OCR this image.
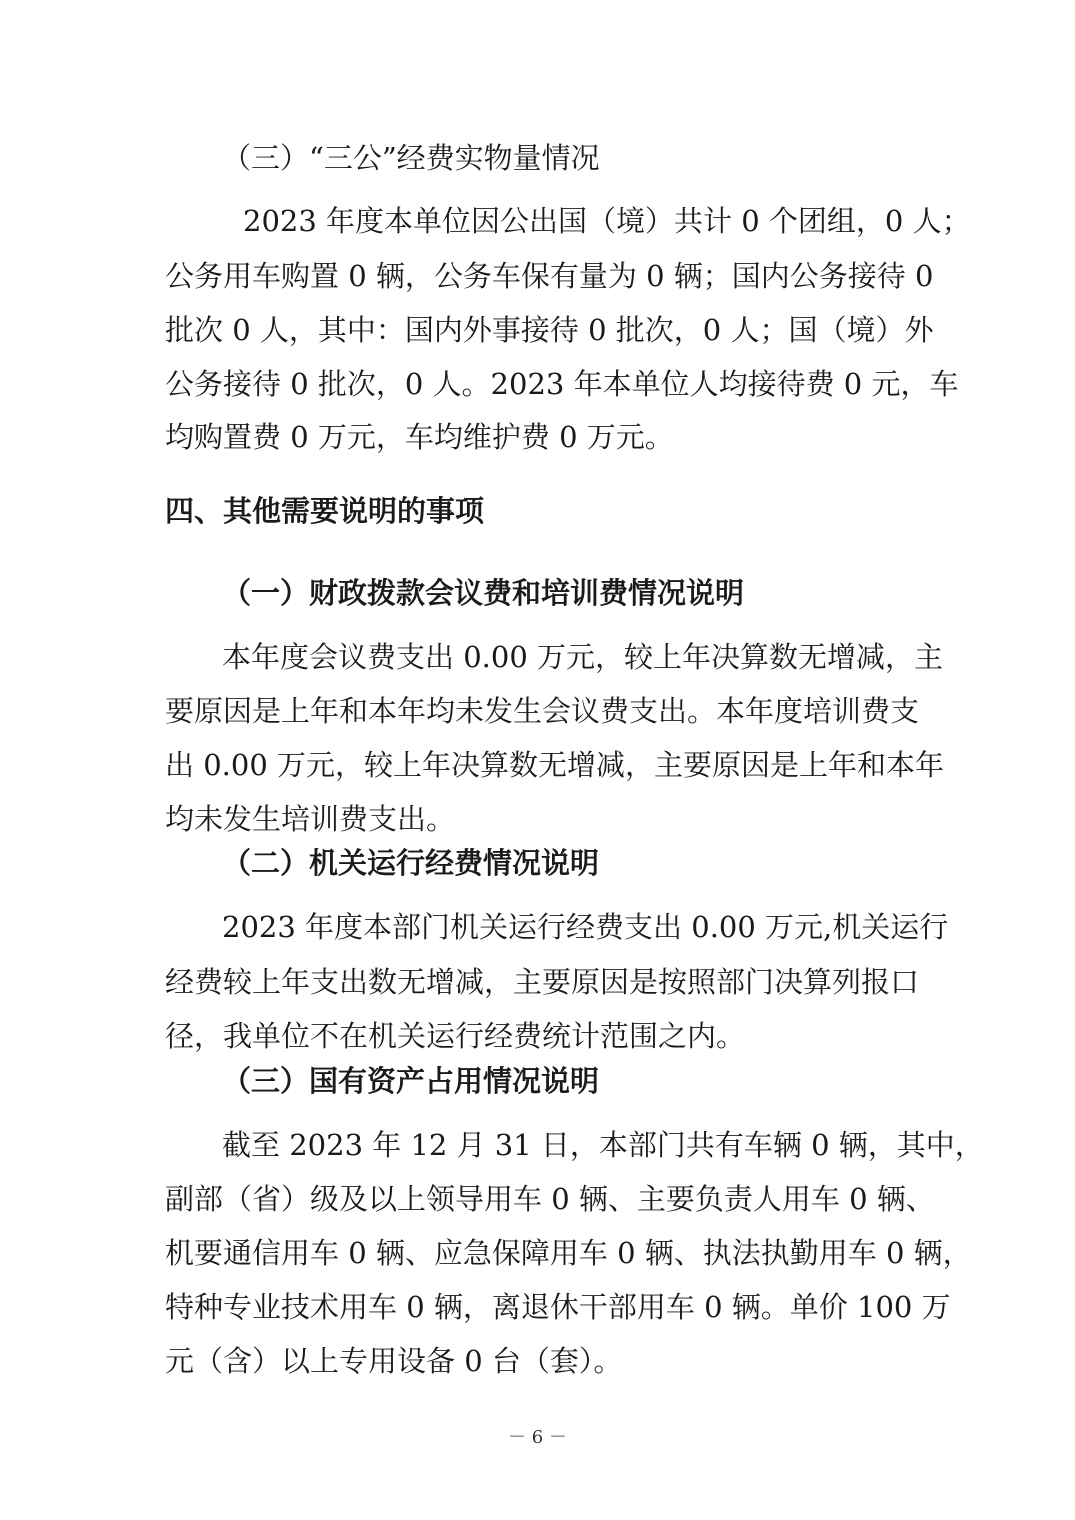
（三）“三公”经费实物量情况
2023 年度本单位因公出国（境）共计 0 个团组，0 人；
公务用车购置 0 辆，公务车保有量为 0 辆；国内公务接待 0
批次 0 人，其中：国内外事接待 0 批次，0 人；国（境）外
公务接待 0 批次，0 人。2023 年本单位人均接待费 0 元，车
均购置费 0 万元，车均维护费 0 万元。
四、其他需要说明的事项
（一）财政拨款会议费和培训费情况说明
本年度会议费支出 0.00 万元，较上年决算数无增减，主
要原因是上年和本年均未发生会议费支出。本年度培训费支
出 0.00 万元，较上年决算数无增减，主要原因是上年和本年
均未发生培训费支出。
（二）机关运行经费情况说明
2023 年度本部门机关运行经费支出 0.00 万元,机关运行
经费较上年支出数无增减，主要原因是按照部门决算列报口
径，我单位不在机关运行经费统计范围之内。
（三）国有资产占用情况说明
截至 2023 年 12 月 31 日，本部门共有车辆 0 辆，其中，
副部（省）级及以上领导用车 0 辆、主要负责人用车 0 辆、
机要通信用车 0 辆、应急保障用车 0 辆、执法执勤用车 0 辆，
特种专业技术用车 0 辆，离退休干部用车 0 辆。单价 100 万
元（含）以上专用设备 0 台（套）。
－ 6 －
